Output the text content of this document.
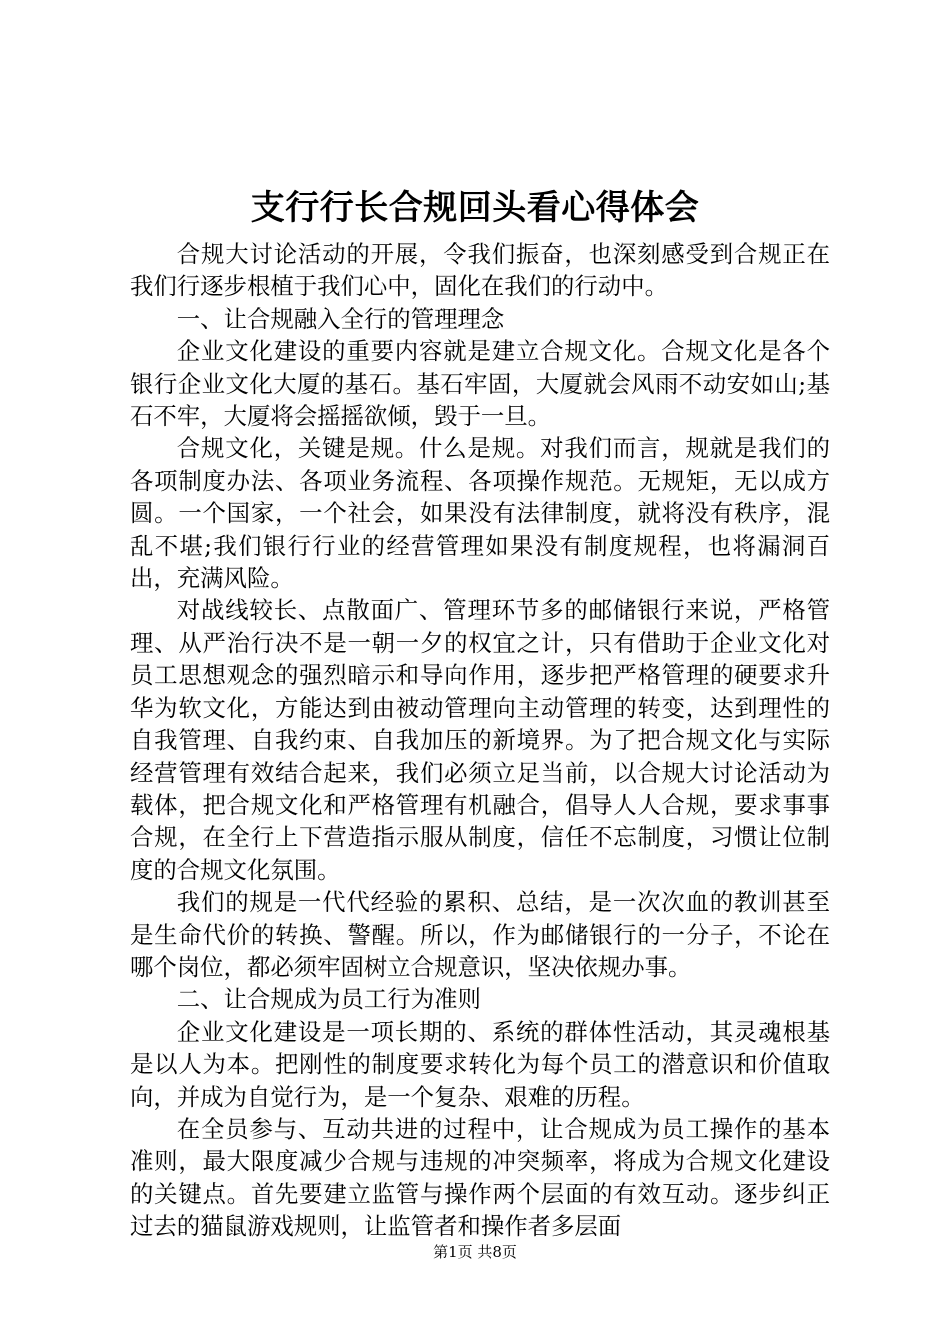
支行行长合规回头看心得体会

合规大讨论活动的开展，令我们振奋，也深刻感受到合规正在我们行逐步根植于我们心中，固化在我们的行动中。

一、让合规融入全行的管理理念

企业文化建设的重要内容就是建立合规文化。合规文化是各个银行企业文化大厦的基石。基石牢固，大厦就会风雨不动安如山;基石不牢，大厦将会摇摇欲倾，毁于一旦。

合规文化，关键是规。什么是规。对我们而言，规就是我们的各项制度办法、各项业务流程、各项操作规范。无规矩，无以成方圆。一个国家，一个社会，如果没有法律制度，就将没有秩序，混乱不堪;我们银行行业的经营管理如果没有制度规程，也将漏洞百出，充满风险。

对战线较长、点散面广、管理环节多的邮储银行来说，严格管理、从严治行决不是一朝一夕的权宜之计，只有借助于企业文化对员工思想观念的强烈暗示和导向作用，逐步把严格管理的硬要求升华为软文化，方能达到由被动管理向主动管理的转变，达到理性的自我管理、自我约束、自我加压的新境界。为了把合规文化与实际经营管理有效结合起来，我们必须立足当前，以合规大讨论活动为载体，把合规文化和严格管理有机融合，倡导人人合规，要求事事合规，在全行上下营造指示服从制度，信任不忘制度，习惯让位制度的合规文化氛围。

我们的规是一代代经验的累积、总结，是一次次血的教训甚至是生命代价的转换、警醒。所以，作为邮储银行的一分子，不论在哪个岗位，都必须牢固树立合规意识，坚决依规办事。

二、让合规成为员工行为准则

企业文化建设是一项长期的、系统的群体性活动，其灵魂根基是以人为本。把刚性的制度要求转化为每个员工的潜意识和价值取向，并成为自觉行为，是一个复杂、艰难的历程。

在全员参与、互动共进的过程中，让合规成为员工操作的基本准则，最大限度减少合规与违规的冲突频率，将成为合规文化建设的关键点。首先要建立监管与操作两个层面的有效互动。逐步纠正过去的猫鼠游戏规则，让监管者和操作者多层面

第1页 共8页
